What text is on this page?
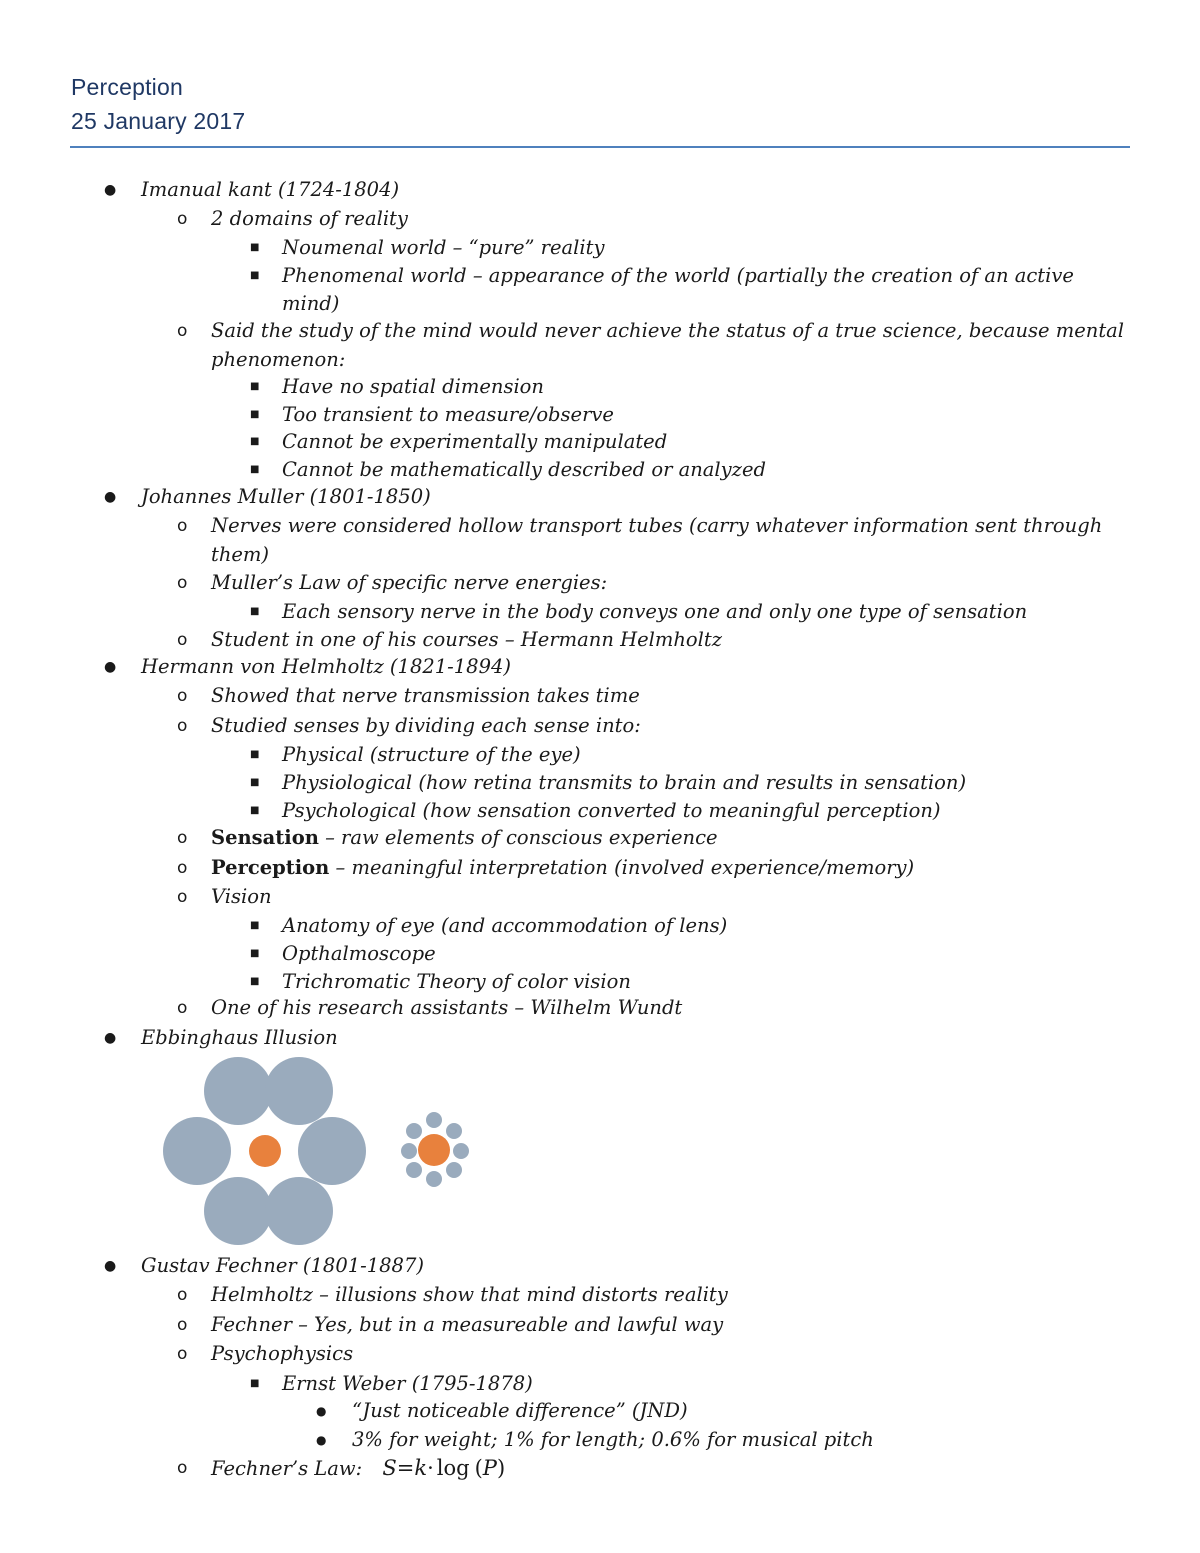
Perception
25 January 2017
● Imanual kant (1724-1804)
o 2 domains of reality
■ Noumenal world – “pure” reality
■ Phenomenal world – appearance of the world (partially the creation of an active
mind)
o Said the study of the mind would never achieve the status of a true science, because mental
phenomenon:
■ Have no spatial dimension
■ Too transient to measure/observe
■ Cannot be experimentally manipulated
■ Cannot be mathematically described or analyzed
● Johannes Muller (1801-1850)
o Nerves were considered hollow transport tubes (carry whatever information sent through
them)
o Muller’s Law of specific nerve energies:
■ Each sensory nerve in the body conveys one and only one type of sensation
o Student in one of his courses – Hermann Helmholtz
● Hermann von Helmholtz (1821-1894)
o Showed that nerve transmission takes time
o Studied senses by dividing each sense into:
■ Physical (structure of the eye)
■ Physiological (how retina transmits to brain and results in sensation)
■ Psychological (how sensation converted to meaningful perception)
o Sensation – raw elements of conscious experience
o Perception – meaningful interpretation (involved experience/memory)
o Vision
■ Anatomy of eye (and accommodation of lens)
■ Opthalmoscope
■ Trichromatic Theory of color vision
o One of his research assistants – Wilhelm Wundt
● Ebbinghaus Illusion
● Gustav Fechner (1801-1887)
o Helmholtz – illusions show that mind distorts reality
o Fechner – Yes, but in a measureable and lawful way
o Psychophysics
■ Ernst Weber (1795-1878)
● “Just noticeable difference” (JND)
● 3% for weight; 1% for length; 0.6% for musical pitch
o Fechner’s Law: S=k· log (P)
